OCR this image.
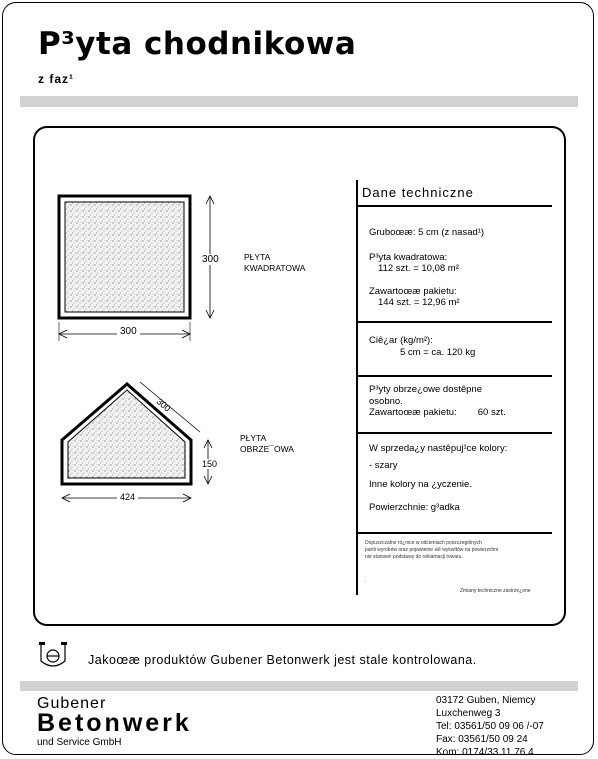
P³yta chodnikowa
z faz¹
300
300
PŁYTA
KWADRATOWA
300
150
424
PŁYTA
OBRZE¯OWA
Dane techniczne
Gruboœæ: 5 cm (z nasad¹)
P³yta kwadratowa:
112 szt. = 10,08 m²
Zawartoœæ pakietu:
144 szt. = 12,96 m²
Ciê¿ar (kg/m²):
5 cm = ca. 120 kg
P³yty obrze¿owe dostêpne
osobno.
Zawartoœæ pakietu:        60 szt.
W sprzeda¿y nastêpuj¹ce kolory:
- szary
Inne kolory na ¿yczenie.
Powierzchnie: g³adka
Dopuszczalne ró¿nice w odcieniach poszczególnych
partii wyrobów oraz pojawienie siê wykwitów na powierzchni
nie stanowi¹ podstawy do reklamacji towaru.
.
Zmiany techniczne zastrze¿one
Jakoœæ produktów Gubener Betonwerk jest stale kontrolowana.
Gubener
Betonwerk
und Service GmbH
03172 Guben, Niemcy
Luxchenweg 3
Tel: 03561/50 09 06 /-07
Fax: 03561/50 09 24
Kom: 0174/33 11 76 4
